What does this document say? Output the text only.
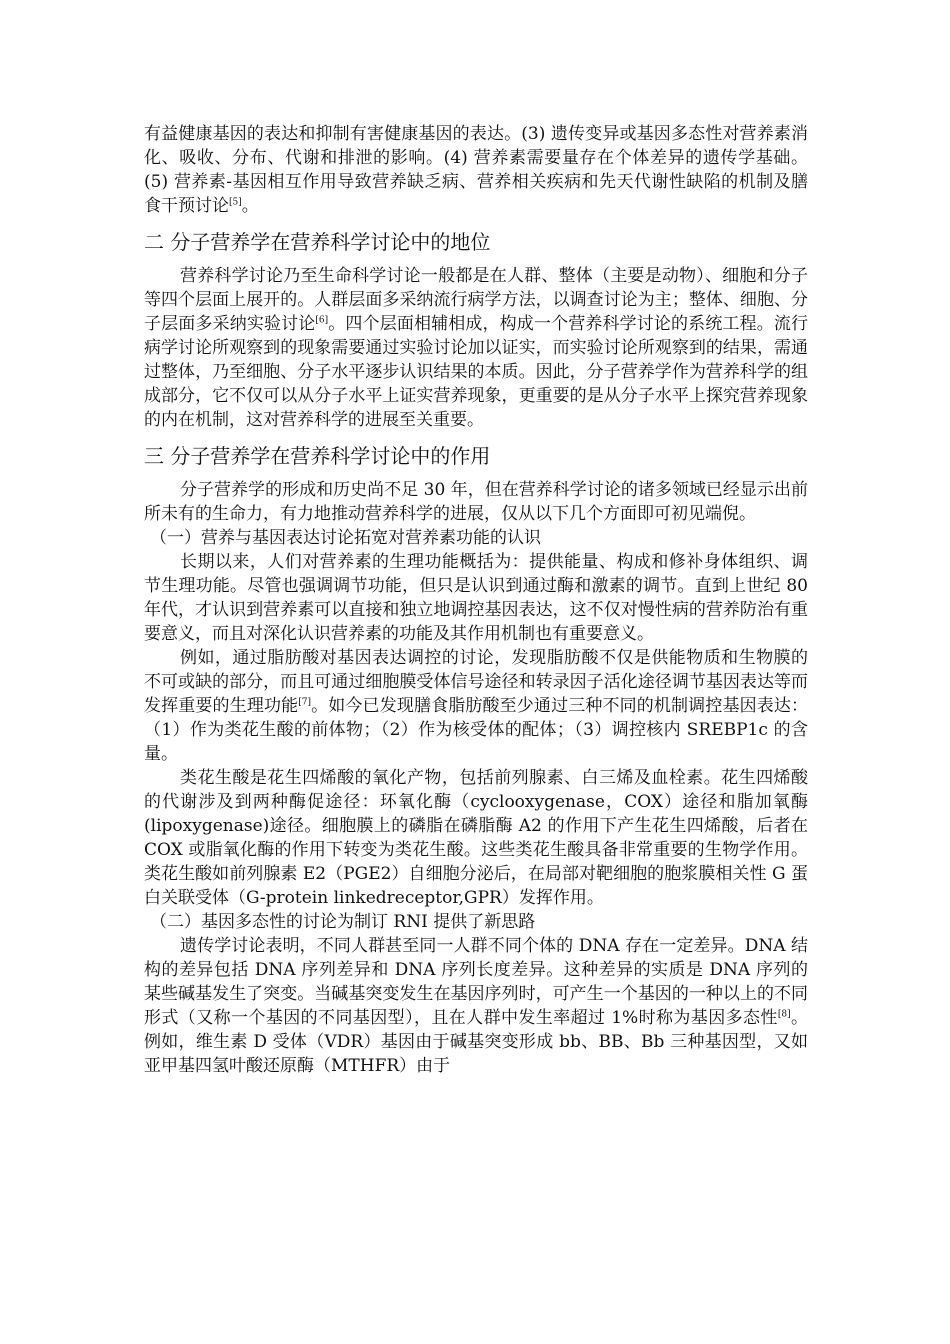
有益健康基因的表达和抑制有害健康基因的表达。(3) 遗传变异或基因多态性对营养素消化、吸收、分布、代谢和排泄的影响。(4) 营养素需要量存在个体差异的遗传学基础。(5) 营养素-基因相互作用导致营养缺乏病、营养相关疾病和先天代谢性缺陷的机制及膳食干预讨论[5]。

二 分子营养学在营养科学讨论中的地位

营养科学讨论乃至生命科学讨论一般都是在人群、整体（主要是动物）、细胞和分子等四个层面上展开的。人群层面多采纳流行病学方法，以调查讨论为主；整体、细胞、分子层面多采纳实验讨论[6]。四个层面相辅相成，构成一个营养科学讨论的系统工程。流行病学讨论所观察到的现象需要通过实验讨论加以证实，而实验讨论所观察到的结果，需通过整体，乃至细胞、分子水平逐步认识结果的本质。因此，分子营养学作为营养科学的组成部分，它不仅可以从分子水平上证实营养现象，更重要的是从分子水平上探究营养现象的内在机制，这对营养科学的进展至关重要。

三 分子营养学在营养科学讨论中的作用

分子营养学的形成和历史尚不足 30 年，但在营养科学讨论的诸多领域已经显示出前所未有的生命力，有力地推动营养科学的进展，仅从以下几个方面即可初见端倪。

（一）营养与基因表达讨论拓宽对营养素功能的认识

长期以来，人们对营养素的生理功能概括为：提供能量、构成和修补身体组织、调节生理功能。尽管也强调调节功能，但只是认识到通过酶和激素的调节。直到上世纪 80 年代，才认识到营养素可以直接和独立地调控基因表达，这不仅对慢性病的营养防治有重要意义，而且对深化认识营养素的功能及其作用机制也有重要意义。

例如，通过脂肪酸对基因表达调控的讨论，发现脂肪酸不仅是供能物质和生物膜的不可或缺的部分，而且可通过细胞膜受体信号途径和转录因子活化途径调节基因表达等而发挥重要的生理功能[7]。如今已发现膳食脂肪酸至少通过三种不同的机制调控基因表达：（1）作为类花生酸的前体物；（2）作为核受体的配体；（3）调控核内 SREBP1c 的含量。

类花生酸是花生四烯酸的氧化产物，包括前列腺素、白三烯及血栓素。花生四烯酸的代谢涉及到两种酶促途径：环氧化酶（cyclooxygenase，COX）途径和脂加氧酶 (lipoxygenase)途径。细胞膜上的磷脂在磷脂酶 A2 的作用下产生花生四烯酸，后者在 COX 或脂氧化酶的作用下转变为类花生酸。这些类花生酸具备非常重要的生物学作用。类花生酸如前列腺素 E2（PGE2）自细胞分泌后，在局部对靶细胞的胞浆膜相关性 G 蛋白关联受体（G-protein linkedreceptor,GPR）发挥作用。

（二）基因多态性的讨论为制订 RNI 提供了新思路

遗传学讨论表明，不同人群甚至同一人群不同个体的 DNA 存在一定差异。DNA 结构的差异包括 DNA 序列差异和 DNA 序列长度差异。这种差异的实质是 DNA 序列的某些碱基发生了突变。当碱基突变发生在基因序列时，可产生一个基因的一种以上的不同形式（又称一个基因的不同基因型），且在人群中发生率超过 1%时称为基因多态性[8]。例如，维生素 D 受体（VDR）基因由于碱基突变形成 bb、BB、Bb 三种基因型，又如亚甲基四氢叶酸还原酶（MTHFR）由于
